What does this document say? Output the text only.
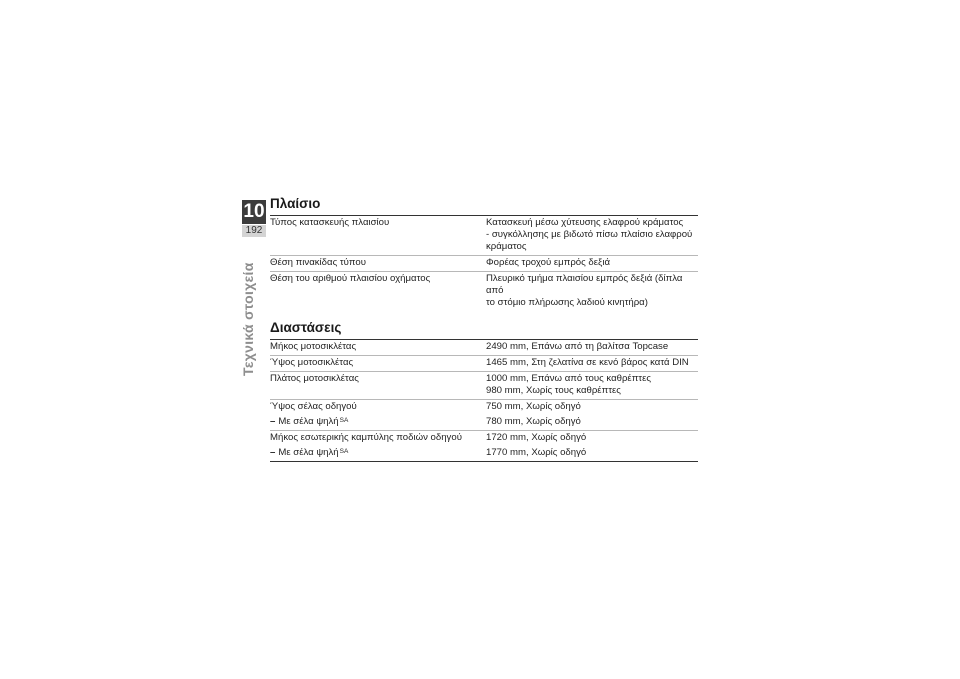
10
192
Τεχνικά στοιχεία
Πλαίσιο
Τύπος κατασκευής πλαισίου	Κατασκευή μέσω χύτευσης ελαφρού κράματος
- συγκόλλησης με βιδωτό πίσω πλαίσιο ελαφρού
κράματος

Θέση πινακίδας τύπου	Φορέας τροχού εμπρός δεξιά

Θέση του αριθμού πλαισίου οχήματος	Πλευρικό τμήμα πλαισίου εμπρός δεξιά (δίπλα από
το στόμιο πλήρωσης λαδιού κινητήρα)
Διαστάσεις
Μήκος μοτοσικλέτας	2490 mm, Επάνω από τη βαλίτσα Topcase

Ύψος μοτοσικλέτας	1465 mm, Στη ζελατίνα σε κενό βάρος κατά DIN

Πλάτος μοτοσικλέτας	1000 mm, Επάνω από τους καθρέπτες
980 mm, Χωρίς τους καθρέπτες

Ύψος σέλας οδηγού	750 mm, Χωρίς οδηγό

– Με σέλα ψηλή$^{SA}$	780 mm, Χωρίς οδηγό

Μήκος εσωτερικής καμπύλης ποδιών οδηγού	1720 mm, Χωρίς οδηγό

– Με σέλα ψηλή$^{SA}$	1770 mm, Χωρίς οδηγό
